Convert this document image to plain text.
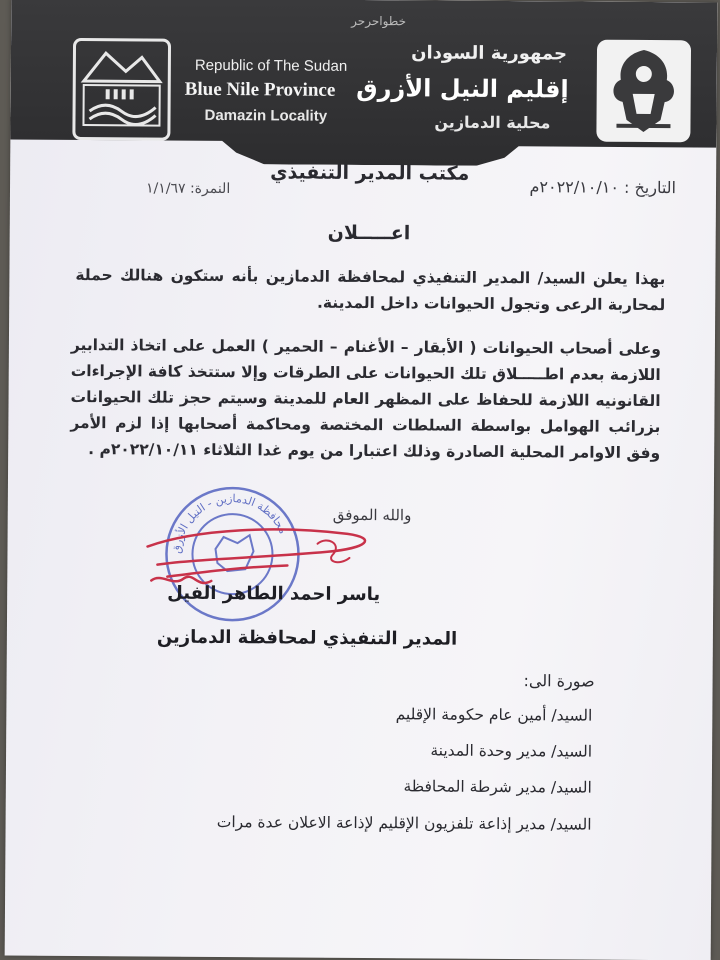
خطواحرحر
Republic of The Sudan
Blue Nile Province
Damazin Locality
جمهورية السودان
إقليم النيل الأزرق
محلية الدمازين
مكتب المدير التنفيذي
التاريخ : ٢٠٢٢/١٠/١٠م
النمرة: ١/١/٦٧
اعـــــلان
بهذا يعلن السيد/ المدير التنفيذي لمحافظة الدمازين بأنه ستكون هنالك حملة لمحاربة الرعى وتجول الحيوانات داخل المدينة.
وعلى أصحاب الحيوانات ( الأبقار – الأغنام – الحمير ) العمل على اتخاذ التدابير اللازمة بعدم اطـــــلاق تلك الحيوانات على الطرقات وإلا ستتخذ كافة الإجراءات القانونيه اللازمة للحفاظ على المظهر العام للمدينة وسيتم حجز تلك الحيوانات بزرائب الهوامل بواسطة السلطات المختصة ومحاكمة أصحابها إذا لزم الأمر وفق الاوامر المحلية الصادرة وذلك اعتبارا من يوم غدا الثلاثاء ٢٠٢٢/١٠/١١م .
والله الموفق
محافظة الدمازين - النيل الأزرق
ياسر احمد الطاهر الفيل
المدير التنفيذي لمحافظة الدمازين
صورة الى:
السيد/ أمين عام حكومة الإقليم
السيد/ مدير وحدة المدينة
السيد/ مدير شرطة المحافظة
السيد/ مدير إذاعة تلفزيون الإقليم لإذاعة الاعلان عدة مرات
